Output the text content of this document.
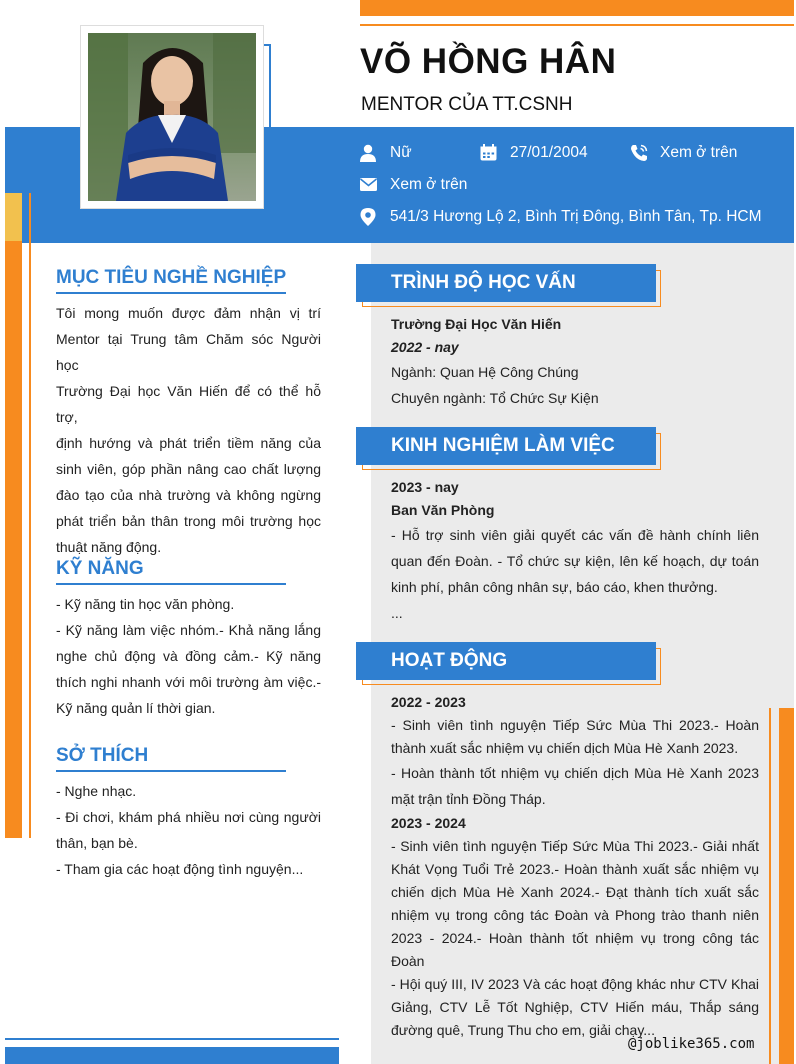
VÕ HỒNG HÂN
MENTOR CỦA TT.CSNH
Nữ	27/01/2004	Xem ở trên
Xem ở trên
541/3 Hương Lộ 2, Bình Trị Đông, Bình Tân, Tp. HCM
MỤC TIÊU NGHỀ NGHIỆP
Tôi mong muốn được đảm nhận vị trí
Mentor tại Trung tâm Chăm sóc Người học
Trường Đại học Văn Hiến để có thể hỗ trợ,
định hướng và phát triển tiềm năng của
sinh viên, góp phần nâng cao chất lượng
đào tạo của nhà trường và không ngừng
phát triển bản thân trong môi trường học
thuật năng động.
KỸ NĂNG
- Kỹ năng tin học văn phòng.
- Kỹ năng làm việc nhóm.- Khả năng lắng
nghe chủ động và đồng cảm.- Kỹ năng
thích nghi nhanh với môi trường àm việc.-
Kỹ năng quản lí thời gian.
SỞ THÍCH
- Nghe nhạc.
- Đi chơi, khám phá nhiều nơi cùng người
thân, bạn bè.
- Tham gia các hoạt động tình nguyện...
TRÌNH ĐỘ HỌC VẤN
Trường Đại Học Văn Hiến
2022 - nay
Ngành: Quan Hệ Công Chúng
Chuyên ngành: Tổ Chức Sự Kiện
KINH NGHIỆM LÀM VIỆC
2023 - nay
Ban Văn Phòng
- Hỗ trợ sinh viên giải quyết các vấn đề hành chính liên
quan đến Đoàn. - Tổ chức sự kiện, lên kế hoạch, dự toán
kinh phí, phân công nhân sự, báo cáo, khen thưởng.
...
HOẠT ĐỘNG
2022 - 2023
- Sinh viên tình nguyện Tiếp Sức Mùa Thi 2023.- Hoàn
thành xuất sắc nhiệm vụ chiến dịch Mùa Hè Xanh 2023.
- Hoàn thành tốt nhiệm vụ chiến dịch Mùa Hè Xanh 2023
mặt trận tỉnh Đồng Tháp.
2023 - 2024
- Sinh viên tình nguyện Tiếp Sức Mùa Thi 2023.- Giải nhất
Khát Vọng Tuổi Trẻ 2023.- Hoàn thành xuất sắc nhiệm vụ
chiến dịch Mùa Hè Xanh 2024.- Đạt thành tích xuất sắc
nhiệm vụ trong công tác Đoàn và Phong trào thanh niên
2023 - 2024.- Hoàn thành tốt nhiệm vụ trong công tác Đoàn
- Hội quý III, IV 2023 Và các hoạt động khác như CTV Khai
Giảng, CTV Lễ Tốt Nghiệp, CTV Hiến máu, Thắp sáng
đường quê, Trung Thu cho em, giải chạy...
@joblike365.com
